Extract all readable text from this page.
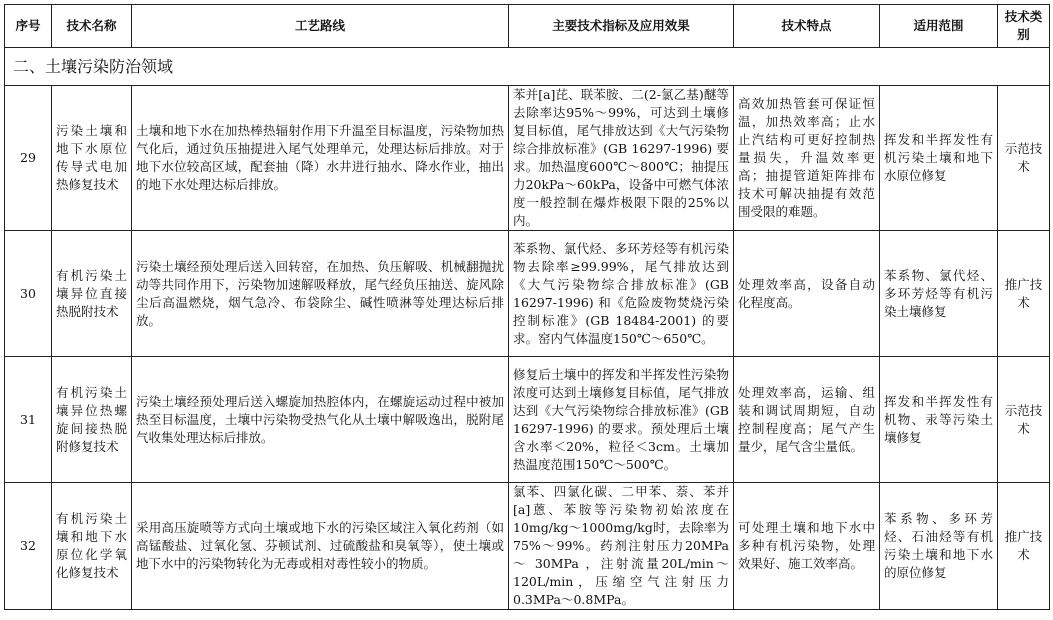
序号	技术名称	工艺路线	主要技术指标及应用效果	技术特点	适用范围	技术类别
二、土壤污染防治领域						
29	污染土壤和地下水原位传导式电加热修复技术	土壤和地下水在加热棒热辐射作用下升温至目标温度，污染物加热气化后，通过负压抽提进入尾气处理单元，处理达标后排放。对于地下水位较高区域，配套抽（降）水井进行抽水、降水作业，抽出的地下水处理达标后排放。	苯并[a]芘、联苯胺、二(2-氯乙基)醚等去除率达95%～99%，可达到土壤修复目标值，尾气排放达到《大气污染物综合排放标准》(GB 16297-1996) 要求。加热温度600℃～800℃；抽提压力20kPa～60kPa，设备中可燃气体浓度一般控制在爆炸极限下限的25%以内。	高效加热管套可保证恒温，加热效率高；止水止汽结构可更好控制热量损失，升温效率更高；抽提管道矩阵排布技术可解决抽提有效范围受限的难题。	挥发和半挥发性有机污染土壤和地下水原位修复	示范技术
30	有机污染土壤异位直接热脱附技术	污染土壤经预处理后送入回转窑，在加热、负压解吸、机械翻抛扰动等共同作用下，污染物加速解吸释放，尾气经负压抽送、旋风除尘后高温燃烧，烟气急冷、布袋除尘、碱性喷淋等处理达标后排放。	苯系物、氯代烃、多环芳烃等有机污染物去除率≥99.99%，尾气排放达到《大气污染物综合排放标准》(GB 16297-1996) 和《危险废物焚烧污染控制标准》(GB 18484-2001) 的要求。窑内气体温度150℃～650℃。	处理效率高，设备自动化程度高。	苯系物、氯代烃、多环芳烃等有机污染土壤修复	推广技术
31	有机污染土壤异位热螺旋间接热脱附修复技术	污染土壤经预处理后送入螺旋加热腔体内，在螺旋运动过程中被加热至目标温度，土壤中污染物受热气化从土壤中解吸逸出，脱附尾气收集处理达标后排放。	修复后土壤中的挥发和半挥发性污染物浓度可达到土壤修复目标值，尾气排放达到《大气污染物综合排放标准》(GB 16297-1996) 的要求。预处理后土壤含水率＜20%，粒径＜3cm。土壤加热温度范围150℃～500℃。	处理效率高，运输、组装和调试周期短，自动控制程度高；尾气产生量少，尾气含尘量低。	挥发和半挥发性有机物、汞等污染土壤修复	示范技术
32	有机污染土壤和地下水原位化学氧化修复技术	采用高压旋喷等方式向土壤或地下水的污染区域注入氧化药剂（如高锰酸盐、过氧化氢、芬顿试剂、过硫酸盐和臭氧等），使土壤或地下水中的污染物转化为无毒或相对毒性较小的物质。	氯苯、四氯化碳、二甲苯、萘、苯并[a]蒽、苯胺等污染物初始浓度在10mg/kg～1000mg/kg时，去除率为75%～99%。药剂注射压力20MPa ～ 30MPa ，注射流量20L/min～120L/min，压缩空气注射压力0.3MPa～0.8MPa。	可处理土壤和地下水中多种有机污染物，处理效果好、施工效率高。	苯系物、多环芳烃、石油烃等有机污染土壤和地下水的原位修复	推广技术
